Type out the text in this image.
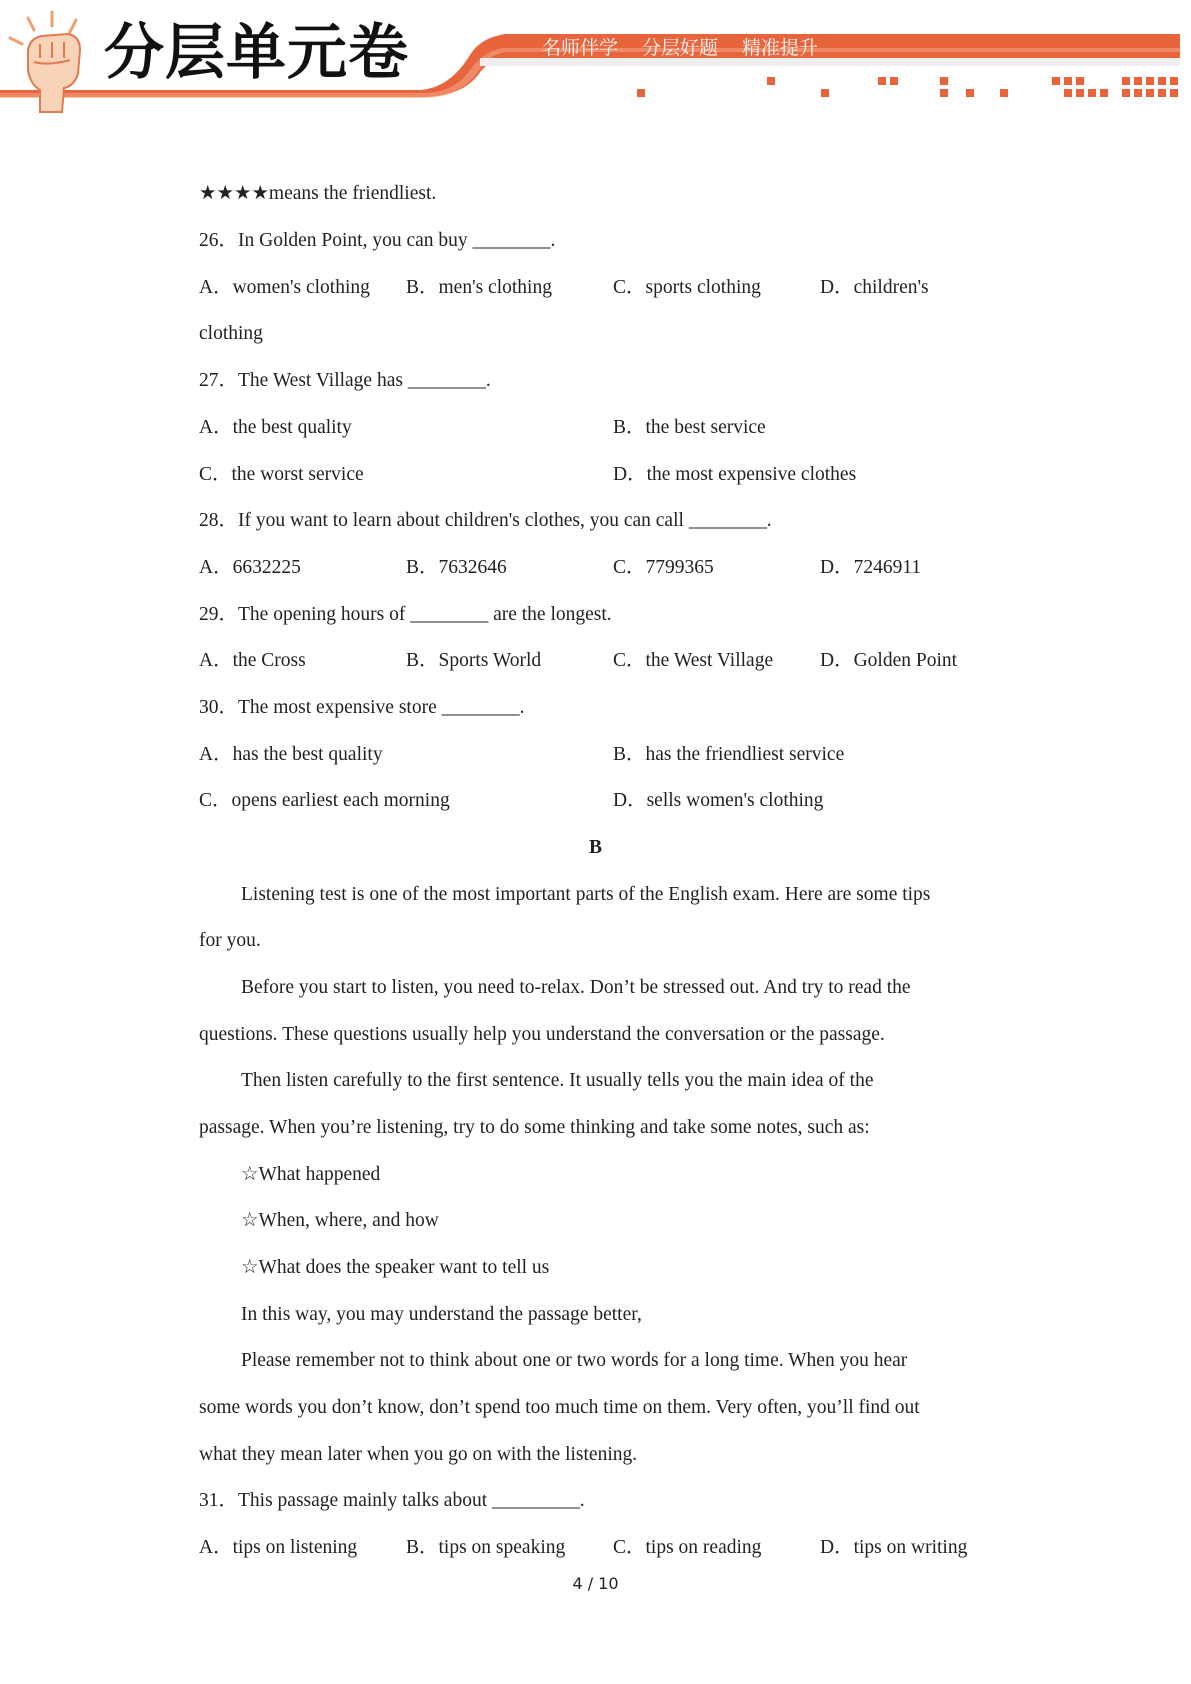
分层单元卷	名师伴学 分层好题 精准提升
★★★★means the friendliest.
26．In Golden Point, you can buy ________.
A．women's clothing B．men's clothing	C．sports clothing	D．children's
clothing
27．The West Village has ________.
A．the best quality	B．the best service
C．the worst service	D．the most expensive clothes
28．If you want to learn about children's clothes, you can call ________.
A．6632225	B．7632646	C．7799365	D．7246911
29．The opening hours of ________ are the longest.
A．the Cross	B．Sports World	C．the West Village D．Golden Point
30．The most expensive store ________.
A．has the best quality	B．has the friendliest service
C．opens earliest each morning	D．sells women's clothing
B
Listening test is one of the most important parts of the English exam. Here are some tips
for you.
Before you start to listen, you need to-relax. Don’t be stressed out. And try to read the
questions. These questions usually help you understand the conversation or the passage.
Then listen carefully to the first sentence. It usually tells you the main idea of the
passage. When you’re listening, try to do some thinking and take some notes, such as:
☆What happened
☆When, where, and how
☆What does the speaker want to tell us
In this way, you may understand the passage better,
Please remember not to think about one or two words for a long time. When you hear
some words you don’t know, don’t spend too much time on them. Very often, you’ll find out
what they mean later when you go on with the listening.
31．This passage mainly talks about _________.
A．tips on listening	B．tips on speaking C．tips on reading	D．tips on writing
4 / 10
